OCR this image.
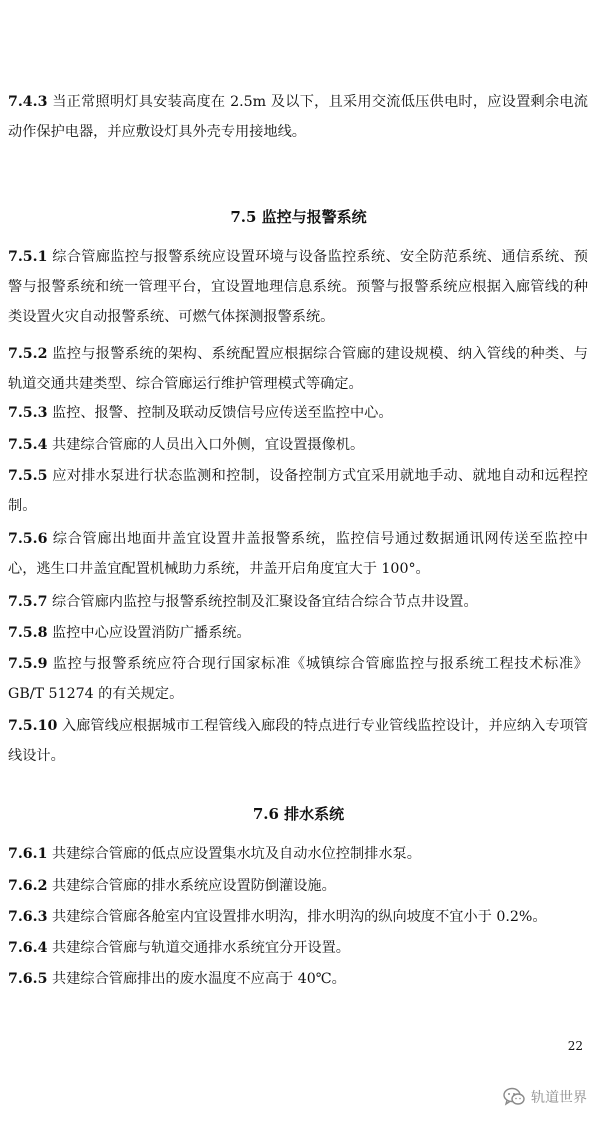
7.4.3 当正常照明灯具安装高度在 2.5m 及以下，且采用交流低压供电时，应设置剩余电流动作保护电器，并应敷设灯具外壳专用接地线。
7.5 监控与报警系统
7.5.1 综合管廊监控与报警系统应设置环境与设备监控系统、安全防范系统、通信系统、预警与报警系统和统一管理平台，宜设置地理信息系统。预警与报警系统应根据入廊管线的种类设置火灾自动报警系统、可燃气体探测报警系统。
7.5.2 监控与报警系统的架构、系统配置应根据综合管廊的建设规模、纳入管线的种类、与轨道交通共建类型、综合管廊运行维护管理模式等确定。
7.5.3 监控、报警、控制及联动反馈信号应传送至监控中心。
7.5.4 共建综合管廊的人员出入口外侧，宜设置摄像机。
7.5.5 应对排水泵进行状态监测和控制，设备控制方式宜采用就地手动、就地自动和远程控制。
7.5.6 综合管廊出地面井盖宜设置井盖报警系统，监控信号通过数据通讯网传送至监控中心，逃生口井盖宜配置机械助力系统，井盖开启角度宜大于 100°。
7.5.7 综合管廊内监控与报警系统控制及汇聚设备宜结合综合节点井设置。
7.5.8 监控中心应设置消防广播系统。
7.5.9 监控与报警系统应符合现行国家标准《城镇综合管廊监控与报系统工程技术标准》GB/T 51274 的有关规定。
7.5.10 入廊管线应根据城市工程管线入廊段的特点进行专业管线监控设计，并应纳入专项管线设计。
7.6 排水系统
7.6.1 共建综合管廊的低点应设置集水坑及自动水位控制排水泵。
7.6.2 共建综合管廊的排水系统应设置防倒灌设施。
7.6.3 共建综合管廊各舱室内宜设置排水明沟，排水明沟的纵向坡度不宜小于 0.2%。
7.6.4 共建综合管廊与轨道交通排水系统宜分开设置。
7.6.5 共建综合管廊排出的废水温度不应高于 40℃。
22
轨道世界
